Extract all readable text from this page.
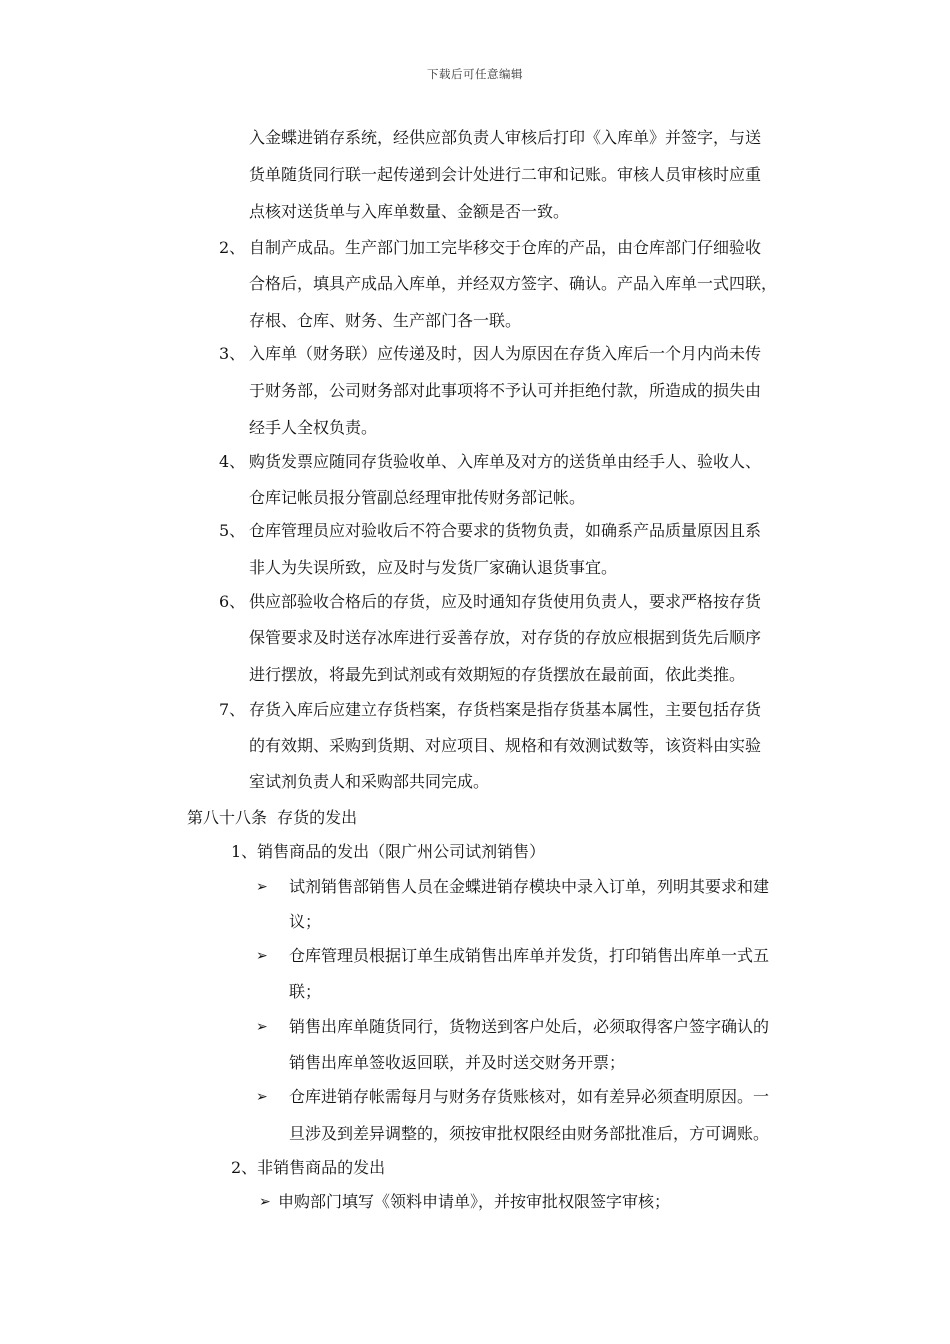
下载后可任意编辑
入金蝶进销存系统，经供应部负责人审核后打印《入库单》并签字，与送
货单随货同行联一起传递到会计处进行二审和记账。审核人员审核时应重
点核对送货单与入库单数量、金额是否一致。
2、 自制产成品。生产部门加工完毕移交于仓库的产品，由仓库部门仔细验收
合格后，填具产成品入库单，并经双方签字、确认。产品入库单一式四联，
存根、仓库、财务、生产部门各一联。
3、 入库单（财务联）应传递及时，因人为原因在存货入库后一个月内尚未传
于财务部，公司财务部对此事项将不予认可并拒绝付款，所造成的损失由
经手人全权负责。
4、 购货发票应随同存货验收单、入库单及对方的送货单由经手人、验收人、
仓库记帐员报分管副总经理审批传财务部记帐。
5、 仓库管理员应对验收后不符合要求的货物负责，如确系产品质量原因且系
非人为失误所致，应及时与发货厂家确认退货事宜。
6、 供应部验收合格后的存货，应及时通知存货使用负责人，要求严格按存货
保管要求及时送存冰库进行妥善存放，对存货的存放应根据到货先后顺序
进行摆放，将最先到试剂或有效期短的存货摆放在最前面，依此类推。
7、 存货入库后应建立存货档案，存货档案是指存货基本属性，主要包括存货
的有效期、采购到货期、对应项目、规格和有效测试数等，该资料由实验
室试剂负责人和采购部共同完成。
第八十八条  存货的发出
1、销售商品的发出（限广州公司试剂销售）
➢ 试剂销售部销售人员在金蝶进销存模块中录入订单，列明其要求和建
议；
➢ 仓库管理员根据订单生成销售出库单并发货，打印销售出库单一式五
联；
➢ 销售出库单随货同行，货物送到客户处后，必须取得客户签字确认的
销售出库单签收返回联，并及时送交财务开票；
➢ 仓库进销存帐需每月与财务存货账核对，如有差异必须查明原因。一
旦涉及到差异调整的，须按审批权限经由财务部批准后，方可调账。
2、非销售商品的发出
➢ 申购部门填写《领料申请单》，并按审批权限签字审核；
